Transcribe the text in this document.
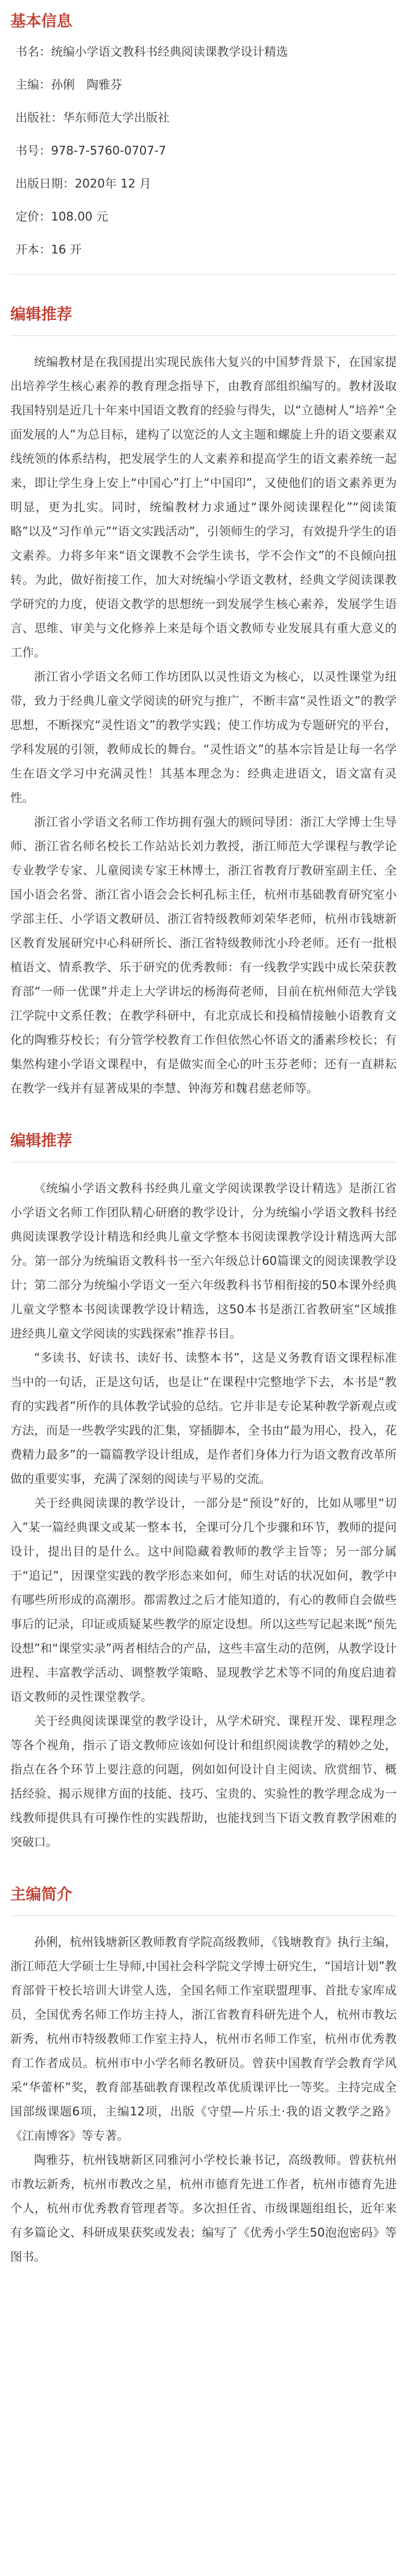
基本信息

书名：统编小学语文教科书经典阅读课教学设计精选

主编：孙俐　陶雅芬

出版社：华东师范大学出版社

书号：978-7-5760-0707-7

出版日期：2020年 12 月

定价：108.00 元

开本：16 开

编辑推荐

统编教材是在我国提出实现民族伟大复兴的中国梦背景下，在国家提出培养学生核心素养的教育理念指导下，由教育部组织编写的。教材汲取我国特别是近几十年来中国语文教育的经验与得失，以“立德树人”培养“全面发展的人”为总目标，建构了以宽泛的人文主题和螺旋上升的语文要素双线统领的体系结构，把发展学生的人文素养和提高学生的语文素养统一起来，即让学生身上安上“中国心”打上“中国印”，又使他们的语文素养更为明显，更为扎实。同时，统编教材力求通过“课外阅读课程化”“阅读策略”以及“习作单元”“语文实践活动”，引领师生的学习，有效提升学生的语文素养。力将多年来“语文课教不会学生读书，学不会作文”的不良倾向扭转。为此，做好衔接工作，加大对统编小学语文教材，经典文学阅读课教学研究的力度，使语文教学的思想统一到发展学生核心素养，发展学生语言、思维、审美与文化修养上来是每个语文教师专业发展具有重大意义的工作。

浙江省小学语文名师工作坊团队以灵性语文为核心，以灵性课堂为纽带，致力于经典儿童文学阅读的研究与推广，不断丰富“灵性语文”的教学思想，不断探究“灵性语文”的教学实践；使工作坊成为专题研究的平台，学科发展的引领，教师成长的舞台。“灵性语文”的基本宗旨是让每一名学生在语文学习中充满灵性！其基本理念为：经典走进语文，语文富有灵性。

浙江省小学语文名师工作坊拥有强大的顾问导团：浙江大学博士生导师、浙江省名师名校长工作站站长刘力教授，浙江师范大学课程与教学论专业教学专家、儿童阅读专家王林博士，浙江省教育厅教研室副主任、全国小语会名誉、浙江省小语会会长柯孔标主任，杭州市基础教育研究室小学部主任、小学语文教研员、浙江省特级教师刘荣华老师，杭州市钱塘新区教育发展研究中心科研所长、浙江省特级教师沈小玲老师。还有一批根植语文、情系教学、乐于研究的优秀教师：有一线教学实践中成长荣获教育部“一师一优课”并走上大学讲坛的杨海荷老师，目前在杭州师范大学钱江学院中文系任教；在教学科研中，有北京成长和投稿情接触小语教育文化的陶雅芬校长；有分管学校教育工作但依然心怀语文的潘素珍校长；有集然构建小学语文课程中，有是做实而全心的叶玉芬老师；还有一直耕耘在教学一线并有显著成果的李慧、钟海芳和魏君慈老师等。

编辑推荐

《统编小学语文教科书经典儿童文学阅读课教学设计精选》是浙江省小学语文名师工作团队精心研磨的教学设计，分为统编小学语文教科书经典阅读课教学设计精选和经典儿童文学整本书阅读课教学设计精选两大部分。第一部分为统编语文教科书一至六年级总计60篇课文的阅读课教学设计；第二部分为统编小学语文一至六年级教科书节相衔接的50本课外经典儿童文学整本书阅读课教学设计精选，这50本书是浙江省教研室“区域推进经典儿童文学阅读的实践探索”推荐书目。

“多读书、好读书、读好书、读整本书”，这是义务教育语文课程标准当中的一句话，正是这句话，也是让“在课程中完整地学下去，本书是“教育的实践者”所作的具体教学试验的总结。它并非是专论某种教学新观点或方法，而是一些教学实践的汇集，穿插脚本，全书由“最为用心，投入，花费精力最多”的一篇篇教学设计组成，是作者们身体力行为语文教育改革所做的重要实事，充满了深刻的阅读与平易的交流。

关于经典阅读课的教学设计，一部分是“预设”好的，比如从哪里“切入”某一篇经典课文或某一整本书，全课可分几个步骤和环节，教师的提问设计，提出目的是什么。这中间隐藏着教师的教学主旨等；另一部分属于“追记”，因课堂实践的教学形态来如何，师生对话的状况如何，教学中有哪些所形成的高潮形。都需教过之后才能知道的，有心的教师自会做些事后的记录，印证或质疑某些教学的原定设想。所以这些写记起来既“预先设想”和“课堂实录”两者相结合的产品，这些丰富生动的范例，从教学设计进程、丰富教学活动、调整教学策略、显现教学艺术等不同的角度启迪着语文教师的灵性课堂教学。

关于经典阅读课课堂的教学设计，从学术研究、课程开发、课程理念等各个视角，指示了语文教师应该如何设计和组织阅读教学的精妙之处，指点在各个环节上要注意的问题，例如如何设计自主阅读、欣赏细节、概括经验、揭示规律方面的技能、技巧、宝贵的、实验性的教学理念成为一线教师提供具有可操作性的实践帮助，也能找到当下语文教育教学困难的突破口。

主编简介

孙俐，杭州钱塘新区教师教育学院高级教师，《钱塘教育》执行主编，浙江师范大学硕士生导师,中国社会科学院文学博士研究生，“国培计划”教育部骨干校长培训大讲堂人选，全国名师工作室联盟理事、首批专家库成员，全国优秀名师工作坊主持人，浙江省教育科研先进个人，杭州市教坛新秀，杭州市特级教师工作室主持人，杭州市名师工作室，杭州市优秀教育工作者成员。杭州市中小学名师名教研员。曾获中国教育学会教育学风采“华蕾杯”奖，教育部基础教育课程改革优质课评比一等奖。主持完成全国部级课题6项，主编12项，出版《守望—片乐土·我的语文教学之路》《江南博客》等专著。

陶雅芬，杭州钱塘新区同雅河小学校长兼书记，高级教师。曾获杭州市教坛新秀，杭州市教改之星，杭州市德育先进工作者，杭州市德育先进个人，杭州市优秀教育管理者等。多次担任省、市级课题组组长，近年来有多篇论文、科研成果获奖或发表；编写了《优秀小学生50泡泡密码》等图书。
